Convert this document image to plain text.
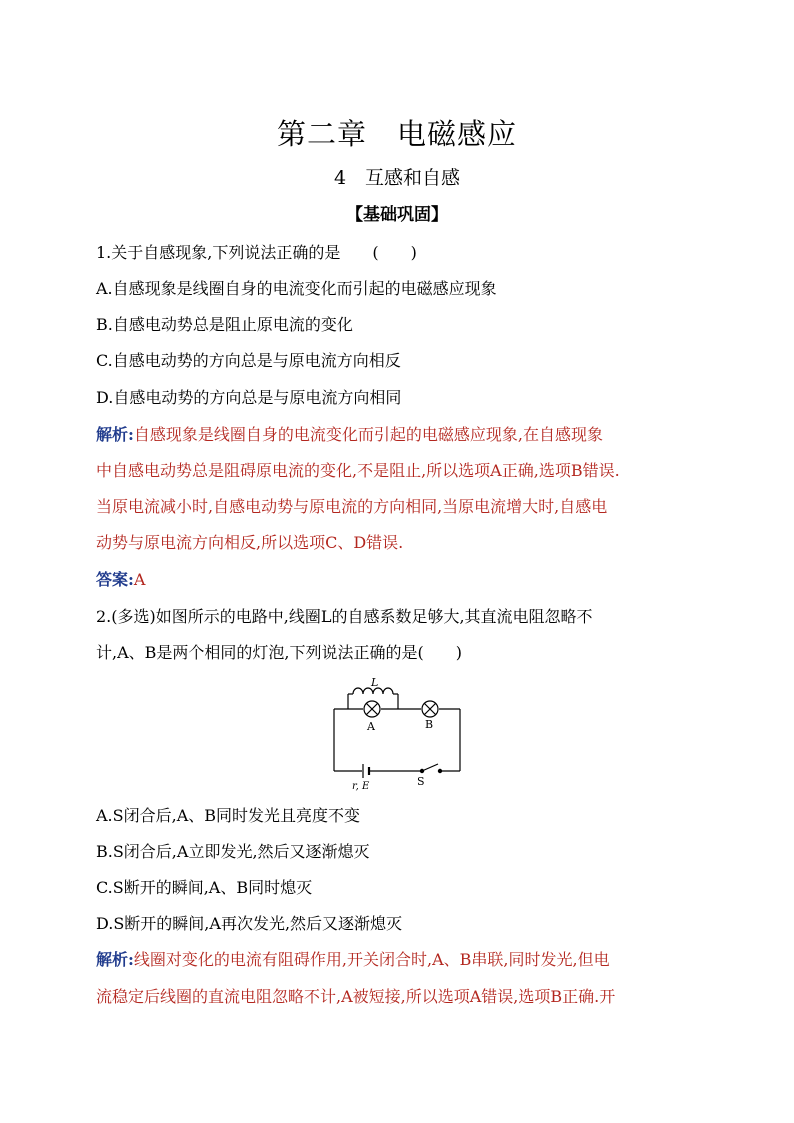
第二章　电磁感应
4　互感和自感
【基础巩固】
1.关于自感现象,下列说法正确的是　　(　　)
A.自感现象是线圈自身的电流变化而引起的电磁感应现象
B.自感电动势总是阻止原电流的变化
C.自感电动势的方向总是与原电流方向相反
D.自感电动势的方向总是与原电流方向相同
解析:自感现象是线圈自身的电流变化而引起的电磁感应现象,在自感现象
中自感电动势总是阻碍原电流的变化,不是阻止,所以选项A正确,选项B错误.
当原电流减小时,自感电动势与原电流的方向相同,当原电流增大时,自感电
动势与原电流方向相反,所以选项C、D错误.
答案:A
2.(多选)如图所示的电路中,线圈L的自感系数足够大,其直流电阻忽略不
计,A、B是两个相同的灯泡,下列说法正确的是(　　)
L
A	B
S
r, E
A.S闭合后,A、B同时发光且亮度不变
B.S闭合后,A立即发光,然后又逐渐熄灭
C.S断开的瞬间,A、B同时熄灭
D.S断开的瞬间,A再次发光,然后又逐渐熄灭
解析:线圈对变化的电流有阻碍作用,开关闭合时,A、B串联,同时发光,但电
流稳定后线圈的直流电阻忽略不计,A被短接,所以选项A错误,选项B正确.开
